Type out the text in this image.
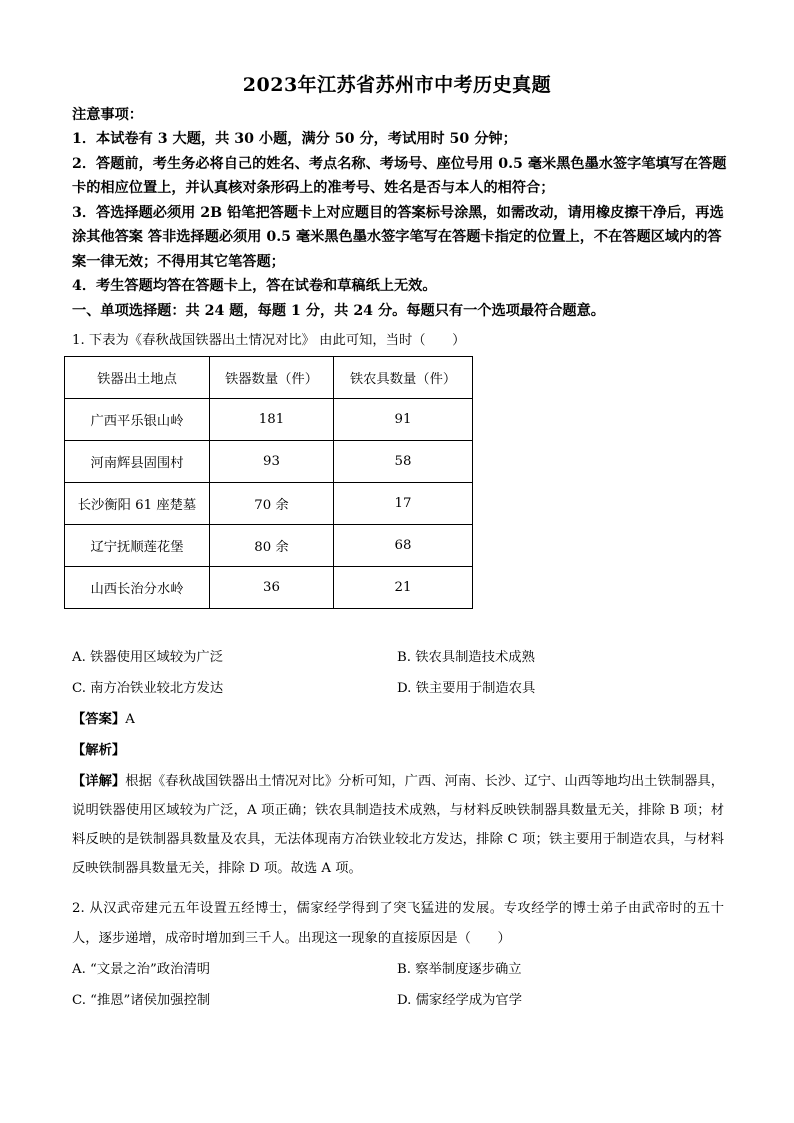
2023年江苏省苏州市中考历史真题
注意事项：

1．本试卷有 3 大题，共 30 小题，满分 50 分，考试用时 50 分钟；

2．答题前，考生务必将自己的姓名、考点名称、考场号、座位号用 0.5 毫米黑色墨水签字笔填写在答题卡的相应位置上，并认真核对条形码上的准考号、姓名是否与本人的相符合；

3．答选择题必须用 2B 铅笔把答题卡上对应题目的答案标号涂黑，如需改动，请用橡皮擦干净后，再选涂其他答案 答非选择题必须用 0.5 毫米黑色墨水签字笔写在答题卡指定的位置上，不在答题区域内的答案一律无效；不得用其它笔答题；

4．考生答题均答在答题卡上，答在试卷和草稿纸上无效。

一、单项选择题：共 24 题，每题 1 分，共 24 分。每题只有一个选项最符合题意。

1. 下表为《春秋战国铁器出土情况对比》 由此可知，当时（　　）
铁器出土地点	铁器数量（件）	铁农具数量（件）
广西平乐银山岭	181	91
河南辉县固围村	93	58
长沙衡阳 61 座楚墓	70 余	17
辽宁抚顺莲花堡	80 余	68
山西长治分水岭	36	21
A. 铁器使用区域较为广泛	B. 铁农具制造技术成熟
C. 南方冶铁业较北方发达	D. 铁主要用于制造农具
【答案】A
【解析】
【详解】根据《春秋战国铁器出土情况对比》分析可知，广西、河南、长沙、辽宁、山西等地均出土铁制器具，说明铁器使用区域较为广泛，A 项正确；铁农具制造技术成熟，与材料反映铁制器具数量无关，排除 B 项；材料反映的是铁制器具数量及农具，无法体现南方冶铁业较北方发达，排除 C 项；铁主要用于制造农具，与材料反映铁制器具数量无关，排除 D 项。故选 A 项。
2. 从汉武帝建元五年设置五经博士，儒家经学得到了突飞猛进的发展。专攻经学的博士弟子由武帝时的五十人，逐步递增，成帝时增加到三千人。出现这一现象的直接原因是（　　）
A. “文景之治”政治清明	B. 察举制度逐步确立
C. “推恩”诸侯加强控制	D. 儒家经学成为官学
